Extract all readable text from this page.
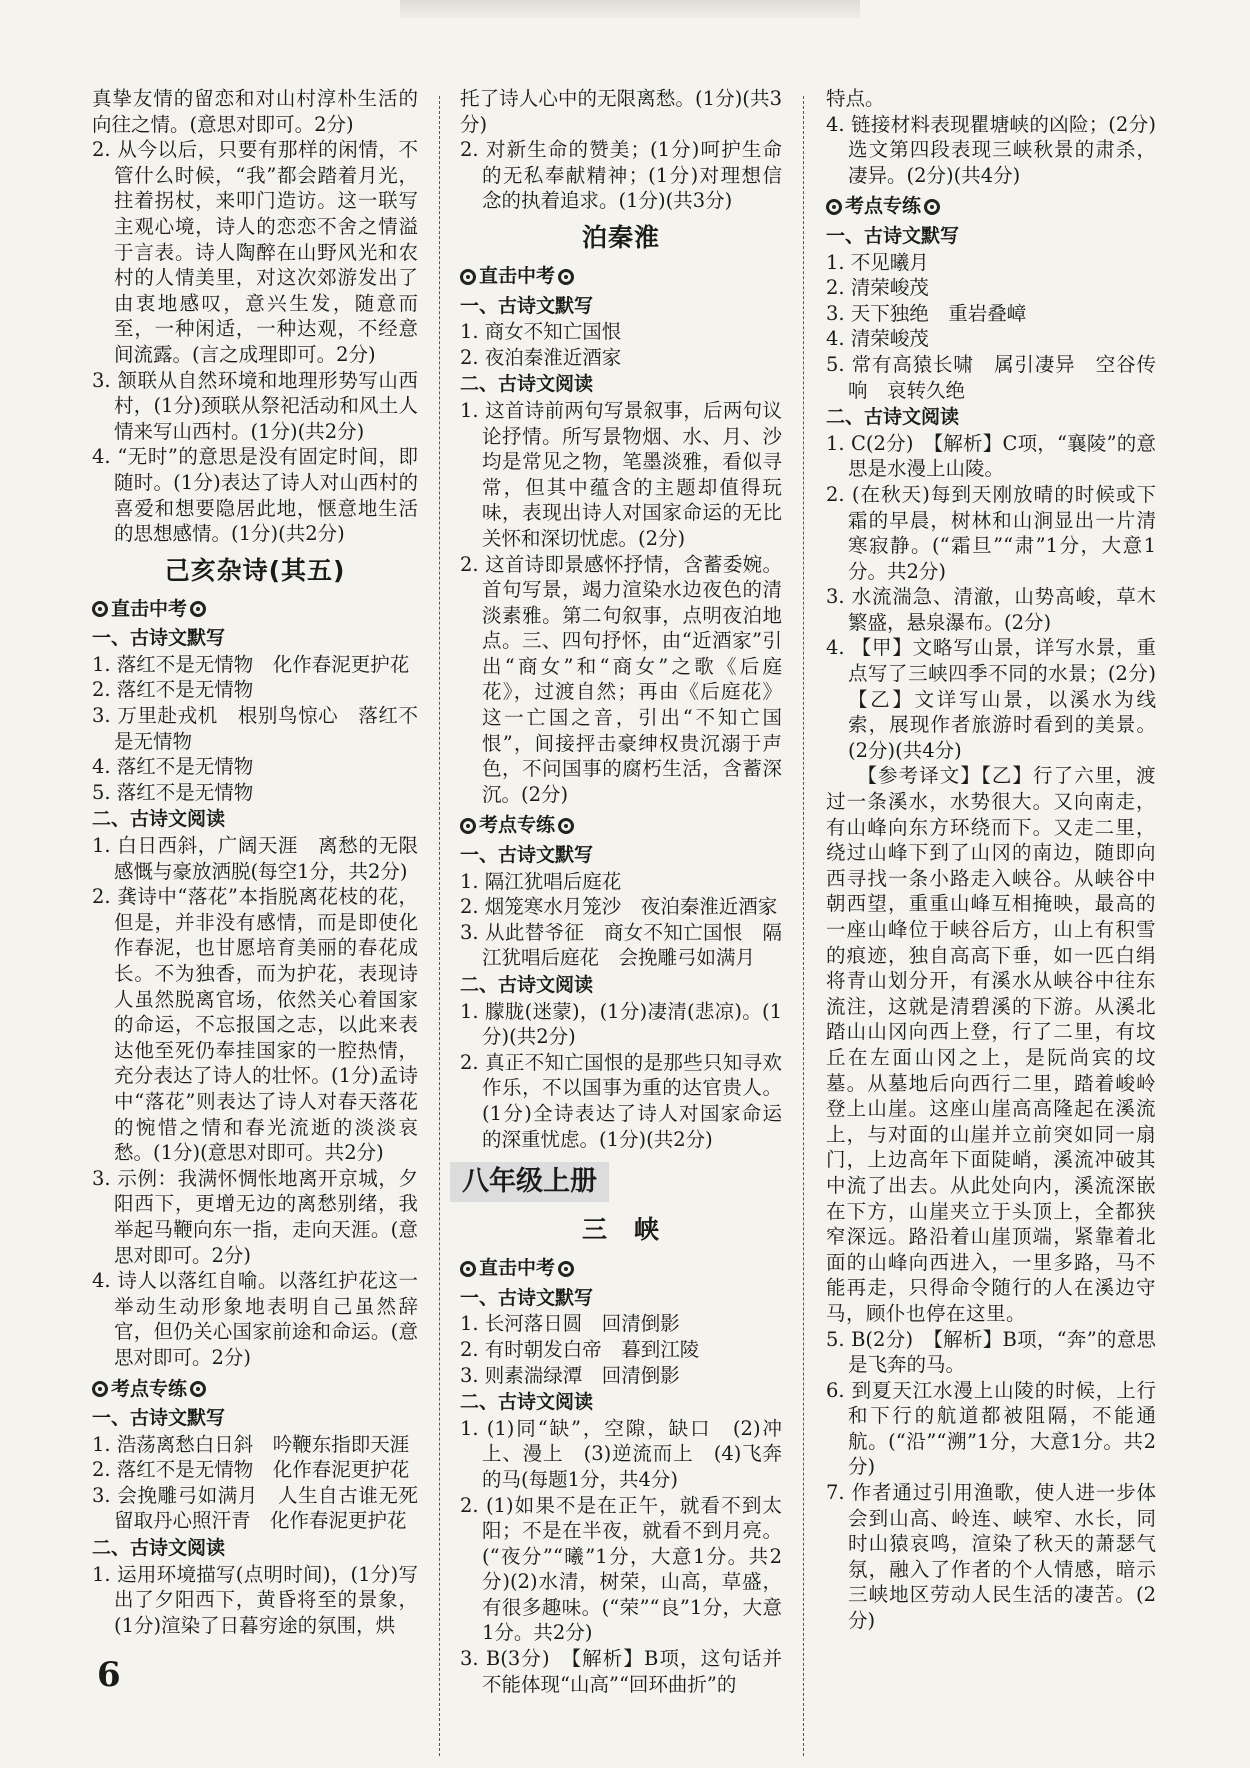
真挚友情的留恋和对山村淳朴生活的向往之情。(意思对即可。2分)

2. 从今以后，只要有那样的闲情，不管什么时候，“我”都会踏着月光，拄着拐杖，来叩门造访。这一联写主观心境，诗人的恋恋不舍之情溢于言表。诗人陶醉在山野风光和农村的人情美里，对这次郊游发出了由衷地感叹，意兴生发，随意而至，一种闲适，一种达观，不经意间流露。(言之成理即可。2分)

3. 颔联从自然环境和地理形势写山西村，(1分)颈联从祭祀活动和风土人情来写山西村。(1分)(共2分)

4. “无时”的意思是没有固定时间，即随时。(1分)表达了诗人对山西村的喜爱和想要隐居此地，惬意地生活的思想感情。(1分)(共2分)

己亥杂诗(其五)

直击中考

一、古诗文默写

1. 落红不是无情物　化作春泥更护花

2. 落红不是无情物

3. 万里赴戎机　根别鸟惊心　落红不是无情物

4. 落红不是无情物

5. 落红不是无情物

二、古诗文阅读

1. 白日西斜，广阔天涯　离愁的无限感慨与豪放洒脱(每空1分，共2分)

2. 龚诗中“落花”本指脱离花枝的花，但是，并非没有感情，而是即使化作春泥，也甘愿培育美丽的春花成长。不为独香，而为护花，表现诗人虽然脱离官场，依然关心着国家的命运，不忘报国之志，以此来表达他至死仍奉挂国家的一腔热情，充分表达了诗人的壮怀。(1分)孟诗中“落花”则表达了诗人对春天落花的惋惜之情和春光流逝的淡淡哀愁。(1分)(意思对即可。共2分)

3. 示例：我满怀惆怅地离开京城，夕阳西下，更增无边的离愁别绪，我举起马鞭向东一指，走向天涯。(意思对即可。2分)

4. 诗人以落红自喻。以落红护花这一举动生动形象地表明自己虽然辞官，但仍关心国家前途和命运。(意思对即可。2分)

考点专练

一、古诗文默写

1. 浩荡离愁白日斜　吟鞭东指即天涯

2. 落红不是无情物　化作春泥更护花

3. 会挽雕弓如满月　人生自古谁无死　留取丹心照汗青　化作春泥更护花

二、古诗文阅读

1. 运用环境描写(点明时间)，(1分)写出了夕阳西下，黄昏将至的景象，(1分)渲染了日暮穷途的氛围，烘

托了诗人心中的无限离愁。(1分)(共3分)

2. 对新生命的赞美；(1分)呵护生命的无私奉献精神；(1分)对理想信念的执着追求。(1分)(共3分)

泊秦淮

直击中考

一、古诗文默写

1. 商女不知亡国恨

2. 夜泊秦淮近酒家

二、古诗文阅读

1. 这首诗前两句写景叙事，后两句议论抒情。所写景物烟、水、月、沙均是常见之物，笔墨淡雅，看似寻常，但其中蕴含的主题却值得玩味，表现出诗人对国家命运的无比关怀和深切忧虑。(2分)

2. 这首诗即景感怀抒情，含蓄委婉。首句写景，竭力渲染水边夜色的清淡素雅。第二句叙事，点明夜泊地点。三、四句抒怀，由“近酒家”引出“商女”和“商女”之歌《后庭花》，过渡自然；再由《后庭花》这一亡国之音，引出“不知亡国恨”，间接抨击豪绅权贵沉溺于声色，不问国事的腐朽生活，含蓄深沉。(2分)

考点专练

一、古诗文默写

1. 隔江犹唱后庭花

2. 烟笼寒水月笼沙　夜泊秦淮近酒家

3. 从此替爷征　商女不知亡国恨　隔江犹唱后庭花　会挽雕弓如满月

二、古诗文阅读

1. 朦胧(迷蒙)，(1分)凄清(悲凉)。(1分)(共2分)

2. 真正不知亡国恨的是那些只知寻欢作乐，不以国事为重的达官贵人。(1分)全诗表达了诗人对国家命运的深重忧虑。(1分)(共2分)

八年级上册

三　峡

直击中考

一、古诗文默写

1. 长河落日圆　回清倒影

2. 有时朝发白帝　暮到江陵

3. 则素湍绿潭　回清倒影

二、古诗文阅读

1. (1)同“缺”，空隙，缺口　(2)冲上、漫上　(3)逆流而上　(4)飞奔的马(每题1分，共4分)

2. (1)如果不是在正午，就看不到太阳；不是在半夜，就看不到月亮。(“夜分”“曦”1分，大意1分。共2分)(2)水清，树荣，山高，草盛，有很多趣味。(“荣”“良”1分，大意1分。共2分)

3. B(3分)　【解析】B项，这句话并不能体现“山高”“回环曲折”的

特点。

4. 链接材料表现瞿塘峡的凶险；(2分)选文第四段表现三峡秋景的肃杀，凄异。(2分)(共4分)

考点专练

一、古诗文默写

1. 不见曦月

2. 清荣峻茂

3. 天下独绝　重岩叠嶂

4. 清荣峻茂

5. 常有高猿长啸　属引凄异　空谷传响　哀转久绝

二、古诗文阅读

1. C(2分)　【解析】C项，“襄陵”的意思是水漫上山陵。

2. (在秋天)每到天刚放晴的时候或下霜的早晨，树林和山涧显出一片清寒寂静。(“霜旦”“肃”1分，大意1分。共2分)

3. 水流湍急、清澈，山势高峻，草木繁盛，悬泉瀑布。(2分)

4. 【甲】文略写山景，详写水景，重点写了三峡四季不同的水景；(2分)【乙】文详写山景，以溪水为线索，展现作者旅游时看到的美景。(2分)(共4分)

　　【参考译文】【乙】行了六里，渡过一条溪水，水势很大。又向南走，有山峰向东方环绕而下。又走二里，绕过山峰下到了山冈的南边，随即向西寻找一条小路走入峡谷。从峡谷中朝西望，重重山峰互相掩映，最高的一座山峰位于峡谷后方，山上有积雪的痕迹，独自高高下垂，如一匹白绢将青山划分开，有溪水从峡谷中往东流注，这就是清碧溪的下游。从溪北踏山山冈向西上登，行了二里，有坟丘在左面山冈之上，是阮尚宾的坟墓。从墓地后向西行二里，踏着峻岭登上山崖。这座山崖高高隆起在溪流上，与对面的山崖并立前突如同一扇门，上边高年下面陡峭，溪流冲破其中流了出去。从此处向内，溪流深嵌在下方，山崖夹立于头顶上，全都狭窄深远。路沿着山崖顶端，紧靠着北面的山峰向西进入，一里多路，马不能再走，只得命令随行的人在溪边守马，顾仆也停在这里。

5. B(2分)　【解析】B项，“奔”的意思是飞奔的马。

6. 到夏天江水漫上山陵的时候，上行和下行的航道都被阻隔，不能通航。(“沿”“溯”1分，大意1分。共2分)

7. 作者通过引用渔歌，使人进一步体会到山高、岭连、峡窄、水长，同时山猿哀鸣，渲染了秋天的萧瑟气氛，融入了作者的个人情感，暗示三峡地区劳动人民生活的凄苦。(2分)

6
